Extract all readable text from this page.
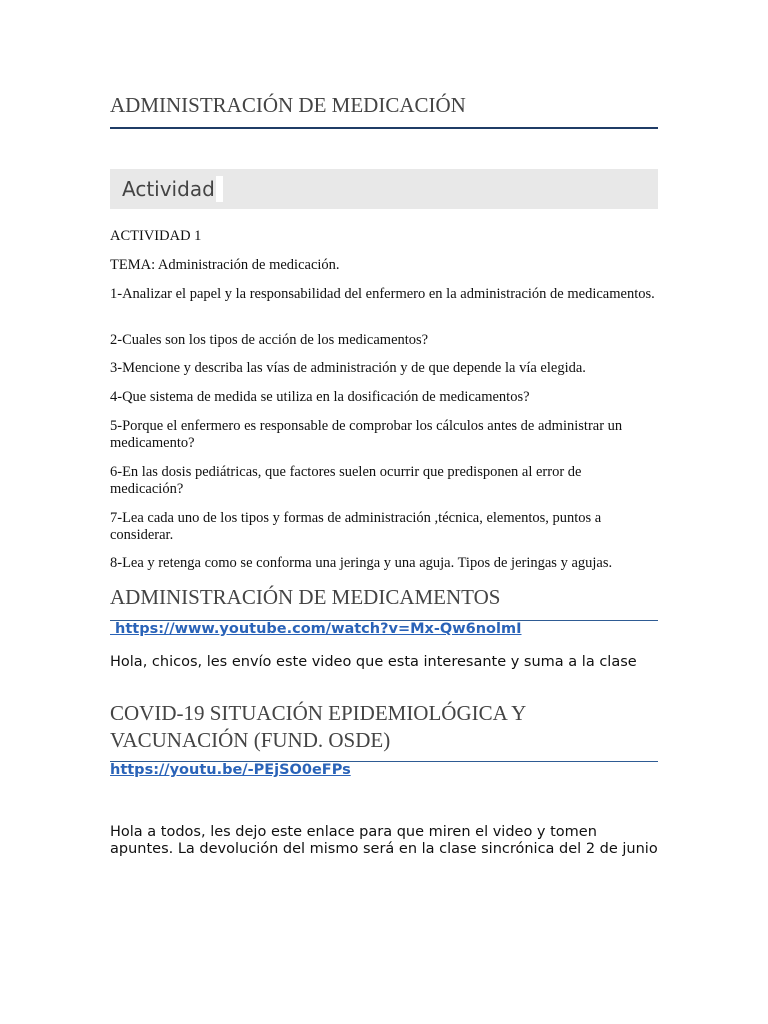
ADMINISTRACIÓN DE MEDICACIÓN
Actividad

ACTIVIDAD 1

TEMA: Administración de medicación.

1-Analizar el papel y la responsabilidad del enfermero en la administración de medicamentos.

2-Cuales son los tipos de acción de los medicamentos?

3-Mencione y describa las vías de administración y de que depende la vía elegida.

4-Que sistema de medida se utiliza en la dosificación de medicamentos?

5-Porque el enfermero es responsable de comprobar los cálculos antes de administrar un medicamento?

6-En las dosis pediátricas, que factores suelen ocurrir que predisponen al error de medicación?

7-Lea cada uno de los tipos y formas de administración ,técnica, elementos, puntos a considerar.

8-Lea y retenga como se conforma una jeringa y una aguja. Tipos de jeringas y agujas.

ADMINISTRACIÓN DE MEDICAMENTOS
https://www.youtube.com/watch?v=Mx-Qw6nolmI

Hola, chicos, les envío este video que esta interesante y suma a la clase

COVID-19 SITUACIÓN EPIDEMIOLÓGICA Y VACUNACIÓN (FUND. OSDE)
https://youtu.be/-PEjSO0eFPs

Hola a todos, les dejo este enlace para que miren el video y tomen apuntes. La devolución del mismo será en la clase sincrónica del 2 de junio
